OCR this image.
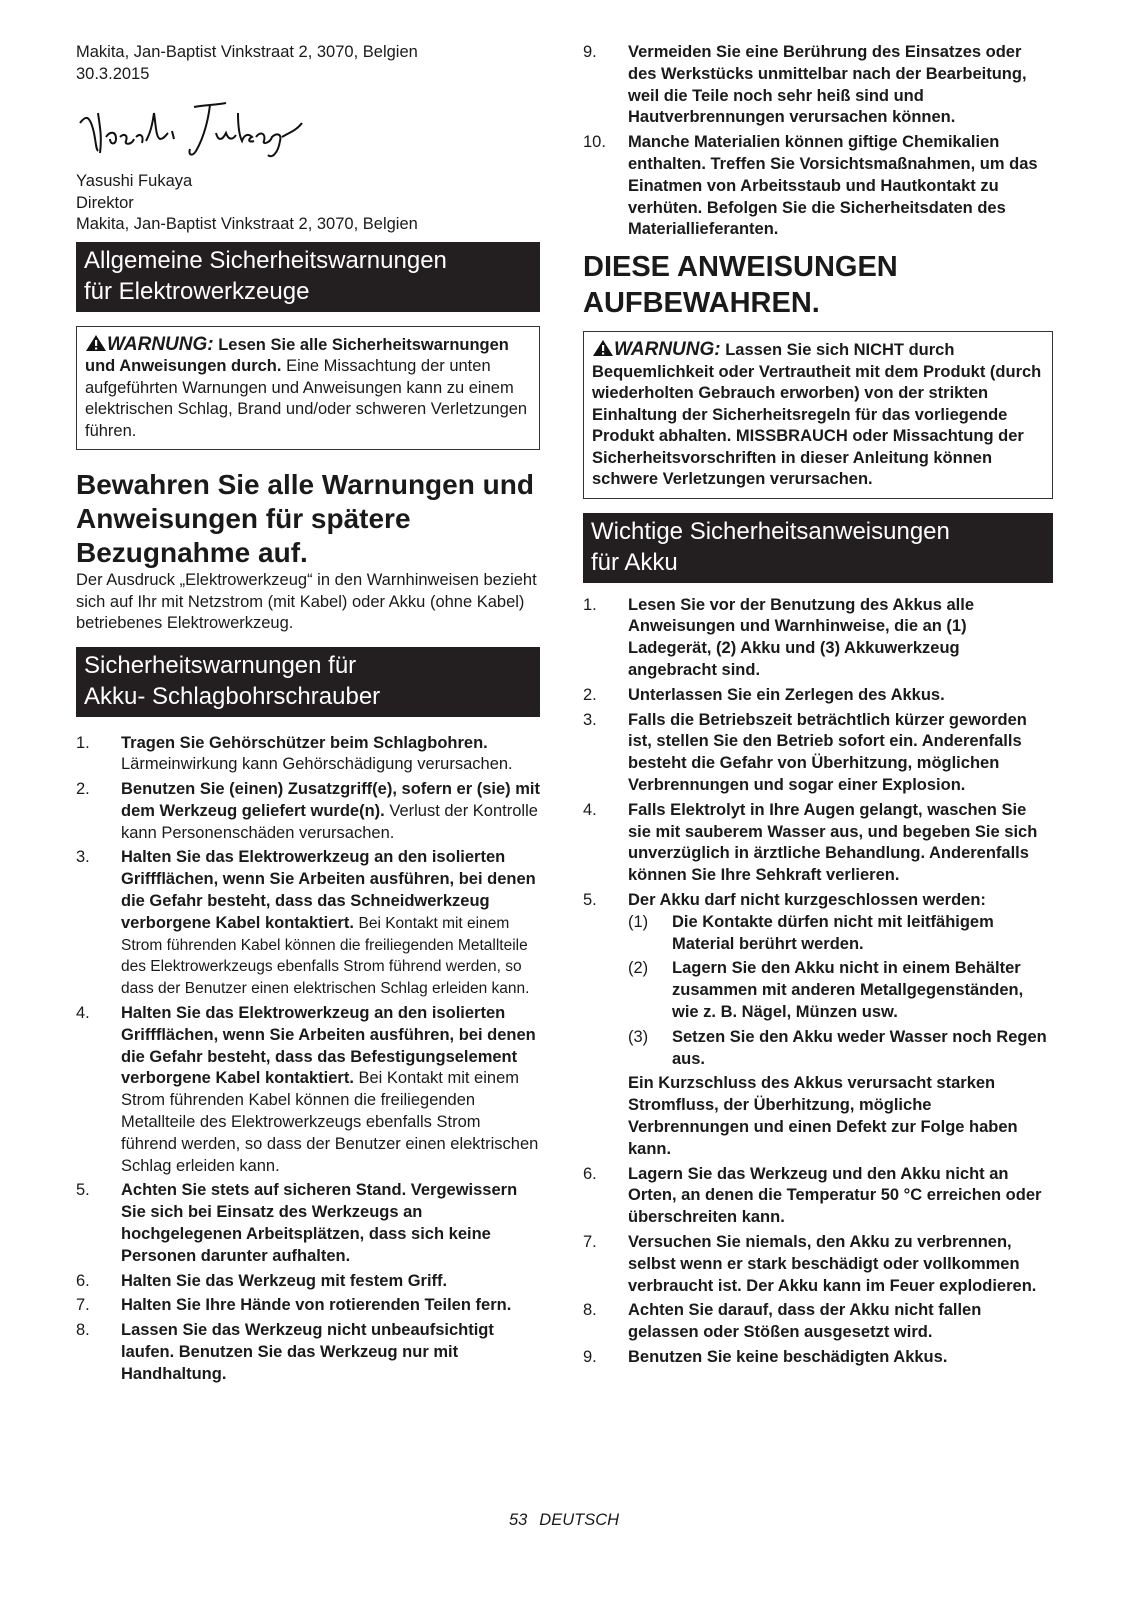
Makita, Jan-Baptist Vinkstraat 2, 3070, Belgien
30.3.2015
Yasushi Fukaya
Direktor
Makita, Jan-Baptist Vinkstraat 2, 3070, Belgien
Allgemeine Sicherheitswarnungen
für Elektrowerkzeuge
WARNUNG: Lesen Sie alle Sicherheitswarnungen und Anweisungen durch. Eine Missachtung der unten aufgeführten Warnungen und Anweisungen kann zu einem elektrischen Schlag, Brand und/oder schweren Verletzungen führen.
Bewahren Sie alle Warnungen und Anweisungen für spätere Bezugnahme auf.
Der Ausdruck „Elektrowerkzeug“ in den Warnhinweisen bezieht sich auf Ihr mit Netzstrom (mit Kabel) oder Akku (ohne Kabel) betriebenes Elektrowerkzeug.
Sicherheitswarnungen für
Akku- Schlagbohrschrauber
1.	Tragen Sie Gehörschützer beim Schlagbohren. Lärmeinwirkung kann Gehörschädigung verursachen.
2.	Benutzen Sie (einen) Zusatzgriff(e), sofern er (sie) mit dem Werkzeug geliefert wurde(n). Verlust der Kontrolle kann Personenschäden verursachen.
3.	Halten Sie das Elektrowerkzeug an den isolierten Griffflächen, wenn Sie Arbeiten ausführen, bei denen die Gefahr besteht, dass das Schneidwerkzeug verborgene Kabel kontaktiert. Bei Kontakt mit einem Strom führenden Kabel können die freiliegenden Metallteile des Elektrowerkzeugs ebenfalls Strom führend werden, so dass der Benutzer einen elektrischen Schlag erleiden kann.
4.	Halten Sie das Elektrowerkzeug an den isolierten Griffflächen, wenn Sie Arbeiten ausführen, bei denen die Gefahr besteht, dass das Befestigungselement verborgene Kabel kontaktiert. Bei Kontakt mit einem Strom führenden Kabel können die freiliegenden Metallteile des Elektrowerkzeugs ebenfalls Strom führend werden, so dass der Benutzer einen elektrischen Schlag erleiden kann.
5.	Achten Sie stets auf sicheren Stand. Vergewissern Sie sich bei Einsatz des Werkzeugs an hochgelegenen Arbeitsplätzen, dass sich keine Personen darunter aufhalten.
6.	Halten Sie das Werkzeug mit festem Griff.
7.	Halten Sie Ihre Hände von rotierenden Teilen fern.
8.	Lassen Sie das Werkzeug nicht unbeaufsichtigt laufen. Benutzen Sie das Werkzeug nur mit Handhaltung.
9.	Vermeiden Sie eine Berührung des Einsatzes oder des Werkstücks unmittelbar nach der Bearbeitung, weil die Teile noch sehr heiß sind und Hautverbrennungen verursachen können.
10.	Manche Materialien können giftige Chemikalien enthalten. Treffen Sie Vorsichtsmaßnahmen, um das Einatmen von Arbeitsstaub und Hautkontakt zu verhüten. Befolgen Sie die Sicherheitsdaten des Materiallieferanten.
DIESE ANWEISUNGEN
AUFBEWAHREN.
WARNUNG: Lassen Sie sich NICHT durch Bequemlichkeit oder Vertrautheit mit dem Produkt (durch wiederholten Gebrauch erworben) von der strikten Einhaltung der Sicherheitsregeln für das vorliegende Produkt abhalten. MISSBRAUCH oder Missachtung der Sicherheitsvorschriften in dieser Anleitung können schwere Verletzungen verursachen.
Wichtige Sicherheitsanweisungen
für Akku
1.	Lesen Sie vor der Benutzung des Akkus alle Anweisungen und Warnhinweise, die an (1) Ladegerät, (2) Akku und (3) Akkuwerkzeug angebracht sind.
2.	Unterlassen Sie ein Zerlegen des Akkus.
3.	Falls die Betriebszeit beträchtlich kürzer geworden ist, stellen Sie den Betrieb sofort ein. Anderenfalls besteht die Gefahr von Überhitzung, möglichen Verbrennungen und sogar einer Explosion.
4.	Falls Elektrolyt in Ihre Augen gelangt, waschen Sie sie mit sauberem Wasser aus, und begeben Sie sich unverzüglich in ärztliche Behandlung. Anderenfalls können Sie Ihre Sehkraft verlieren.
5.	Der Akku darf nicht kurzgeschlossen werden:
(1)	Die Kontakte dürfen nicht mit leitfähigem Material berührt werden.
(2)	Lagern Sie den Akku nicht in einem Behälter zusammen mit anderen Metallgegenständen, wie z. B. Nägel, Münzen usw.
(3)	Setzen Sie den Akku weder Wasser noch Regen aus.
Ein Kurzschluss des Akkus verursacht starken Stromfluss, der Überhitzung, mögliche Verbrennungen und einen Defekt zur Folge haben kann.
6.	Lagern Sie das Werkzeug und den Akku nicht an Orten, an denen die Temperatur 50 °C erreichen oder überschreiten kann.
7.	Versuchen Sie niemals, den Akku zu verbrennen, selbst wenn er stark beschädigt oder vollkommen verbraucht ist. Der Akku kann im Feuer explodieren.
8.	Achten Sie darauf, dass der Akku nicht fallen gelassen oder Stößen ausgesetzt wird.
9.	Benutzen Sie keine beschädigten Akkus.
53 DEUTSCH
